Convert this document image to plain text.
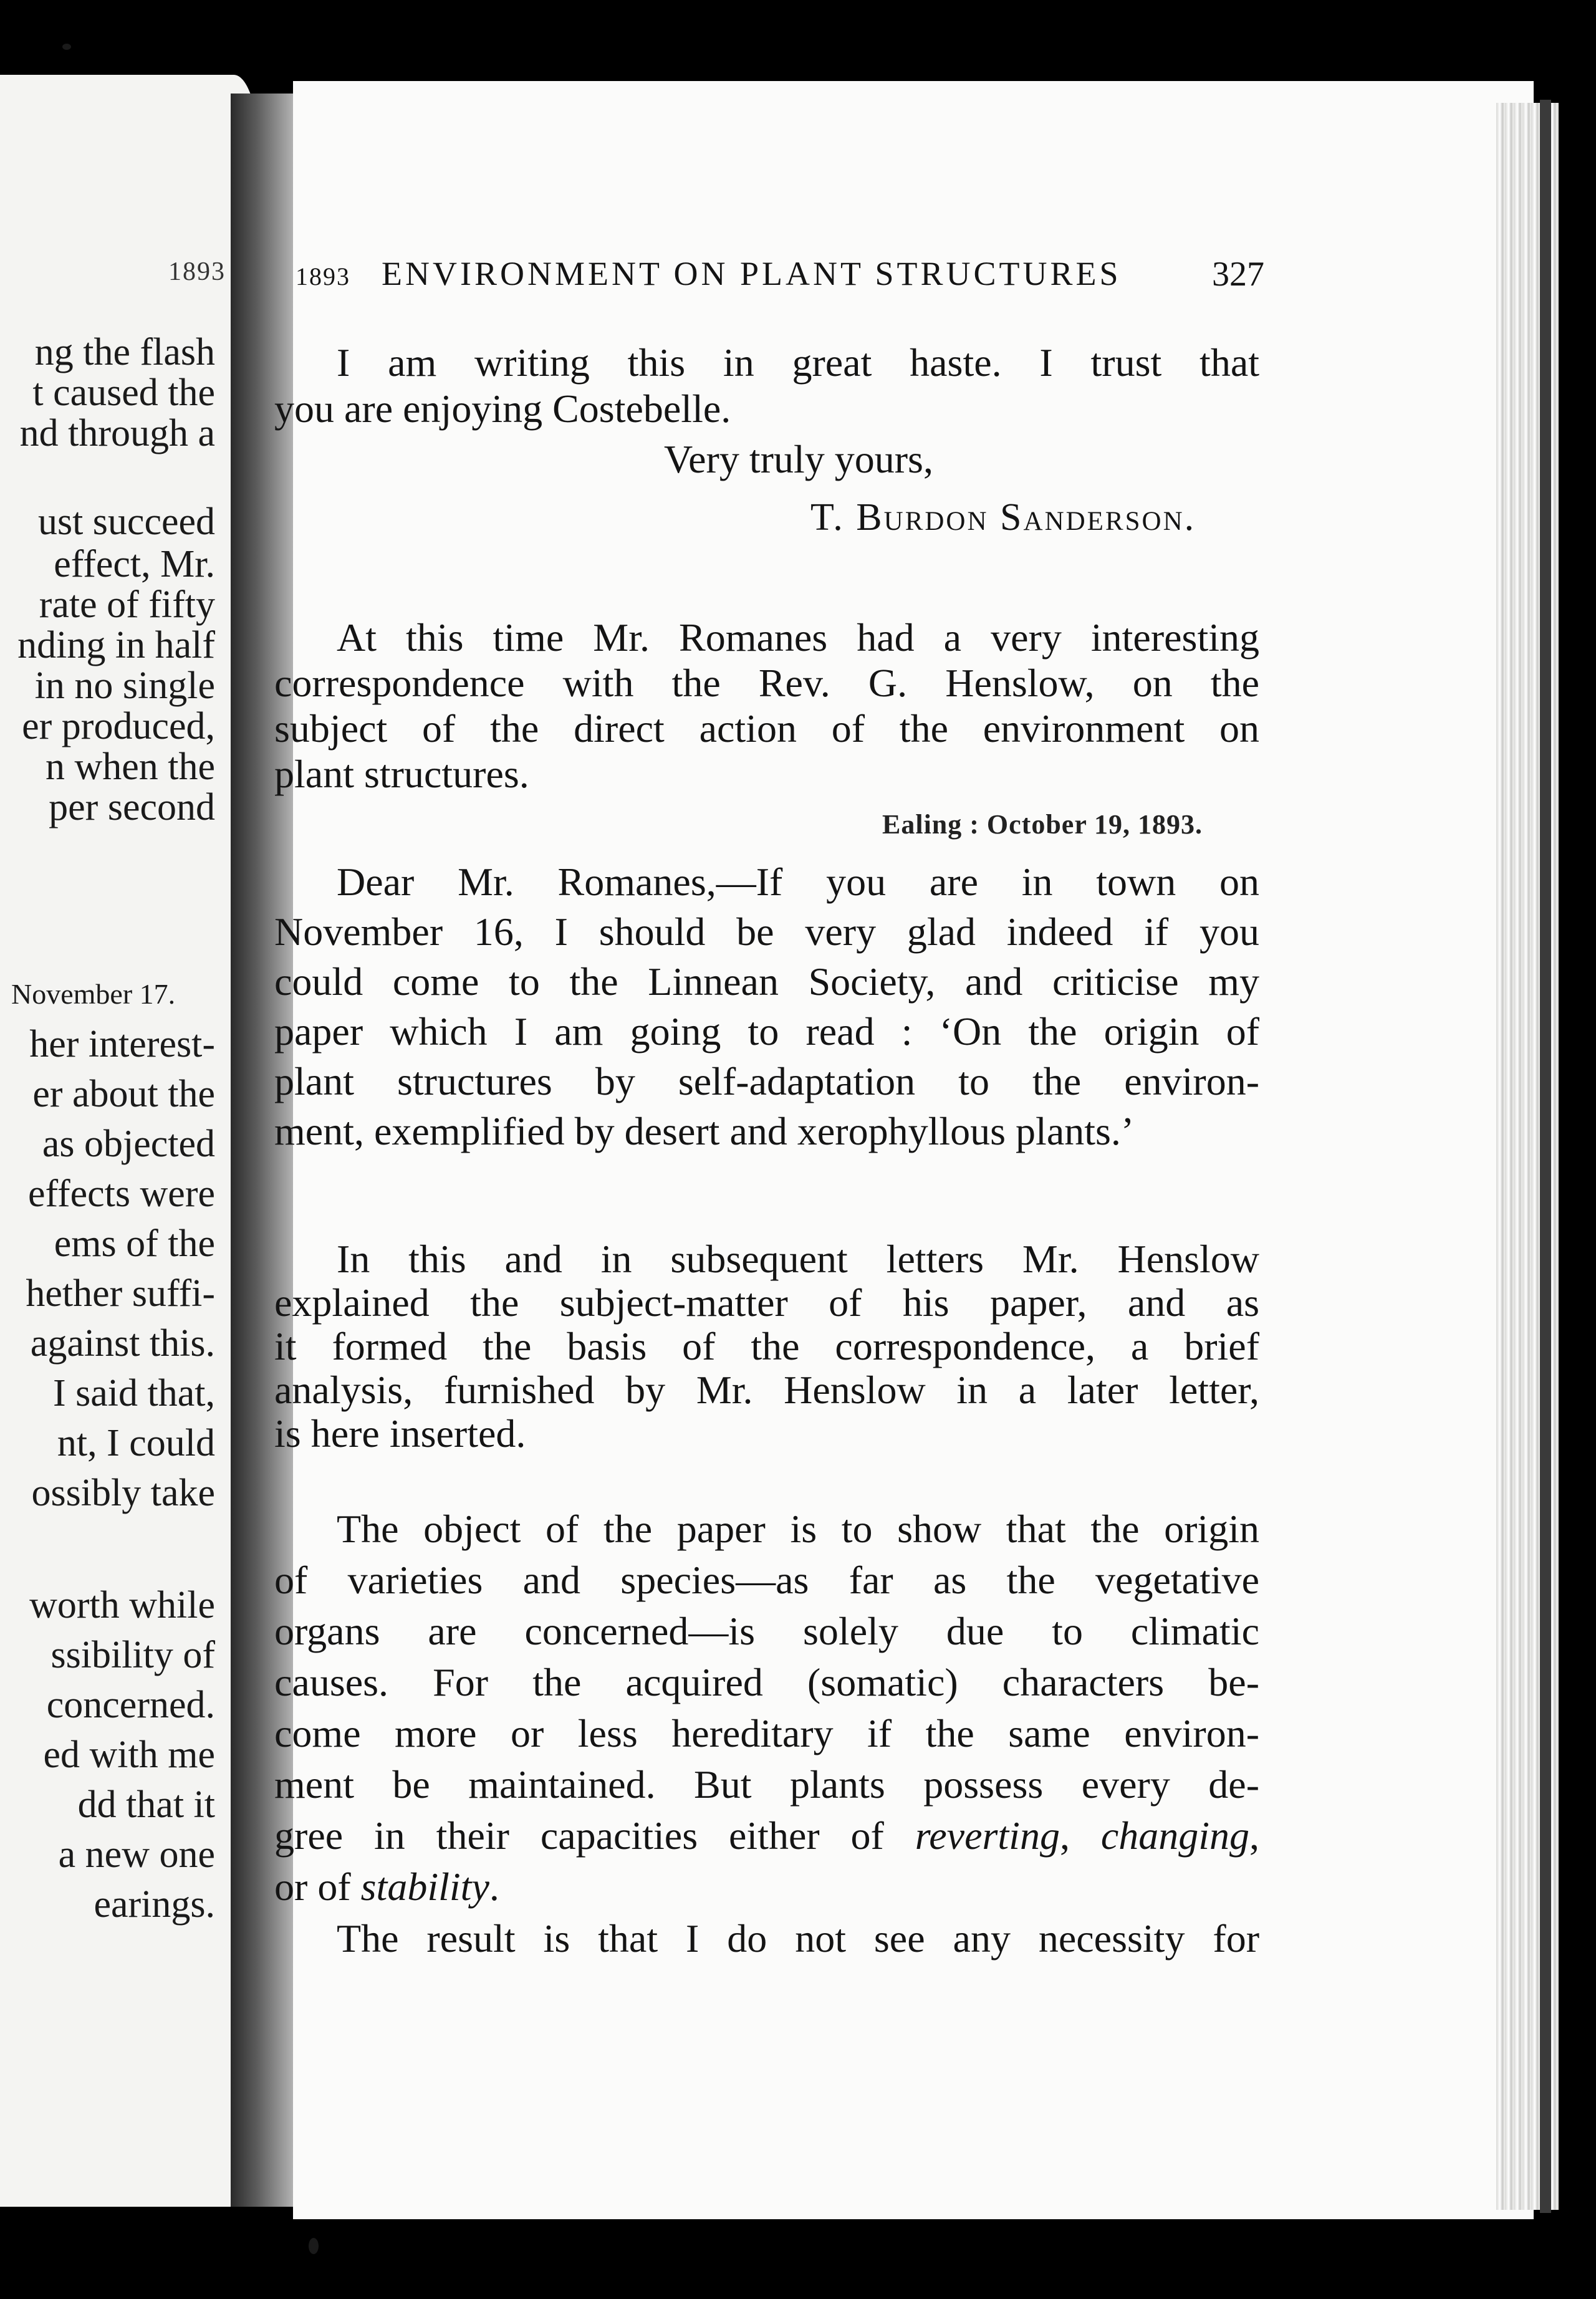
1893
ng the flash
t caused the
nd through a
ust succeed
effect, Mr.
rate of fifty
nding in half
in no single
er produced,
n when the
per second
November 17.
her interest-
er about the
as objected
effects were
ems of the
hether suffi-
against this.
I said that,
nt, I could
ossibly take
worth while
ssibility of
concerned.
ed with me
dd that it
a new one
earings.
1893 ENVIRONMENT ON PLANT STRUCTURES	327
I am writing this in great haste. I trust that
you are enjoying Costebelle.
Very truly yours,
T. Burdon Sanderson.
At this time Mr. Romanes had a very interesting
correspondence with the Rev. G. Henslow, on the
subject of the direct action of the environment on
plant structures.
Ealing : October 19, 1893.
Dear Mr. Romanes,—If you are in town on
November 16, I should be very glad indeed if you
could come to the Linnean Society, and criticise my
paper which I am going to read : ‘On the origin of
plant structures by self-adaptation to the environ-
ment, exemplified by desert and xerophyllous plants.’
In this and in subsequent letters Mr. Henslow
explained the subject-matter of his paper, and as
it formed the basis of the correspondence, a brief
analysis, furnished by Mr. Henslow in a later letter,
is here inserted.
The object of the paper is to show that the origin
of varieties and species—as far as the vegetative
organs are concerned—is solely due to climatic
causes. For the acquired (somatic) characters be-
come more or less hereditary if the same environ-
ment be maintained. But plants possess every de-
gree in their capacities either of reverting, changing,
or of stability.
The result is that I do not see any necessity for
